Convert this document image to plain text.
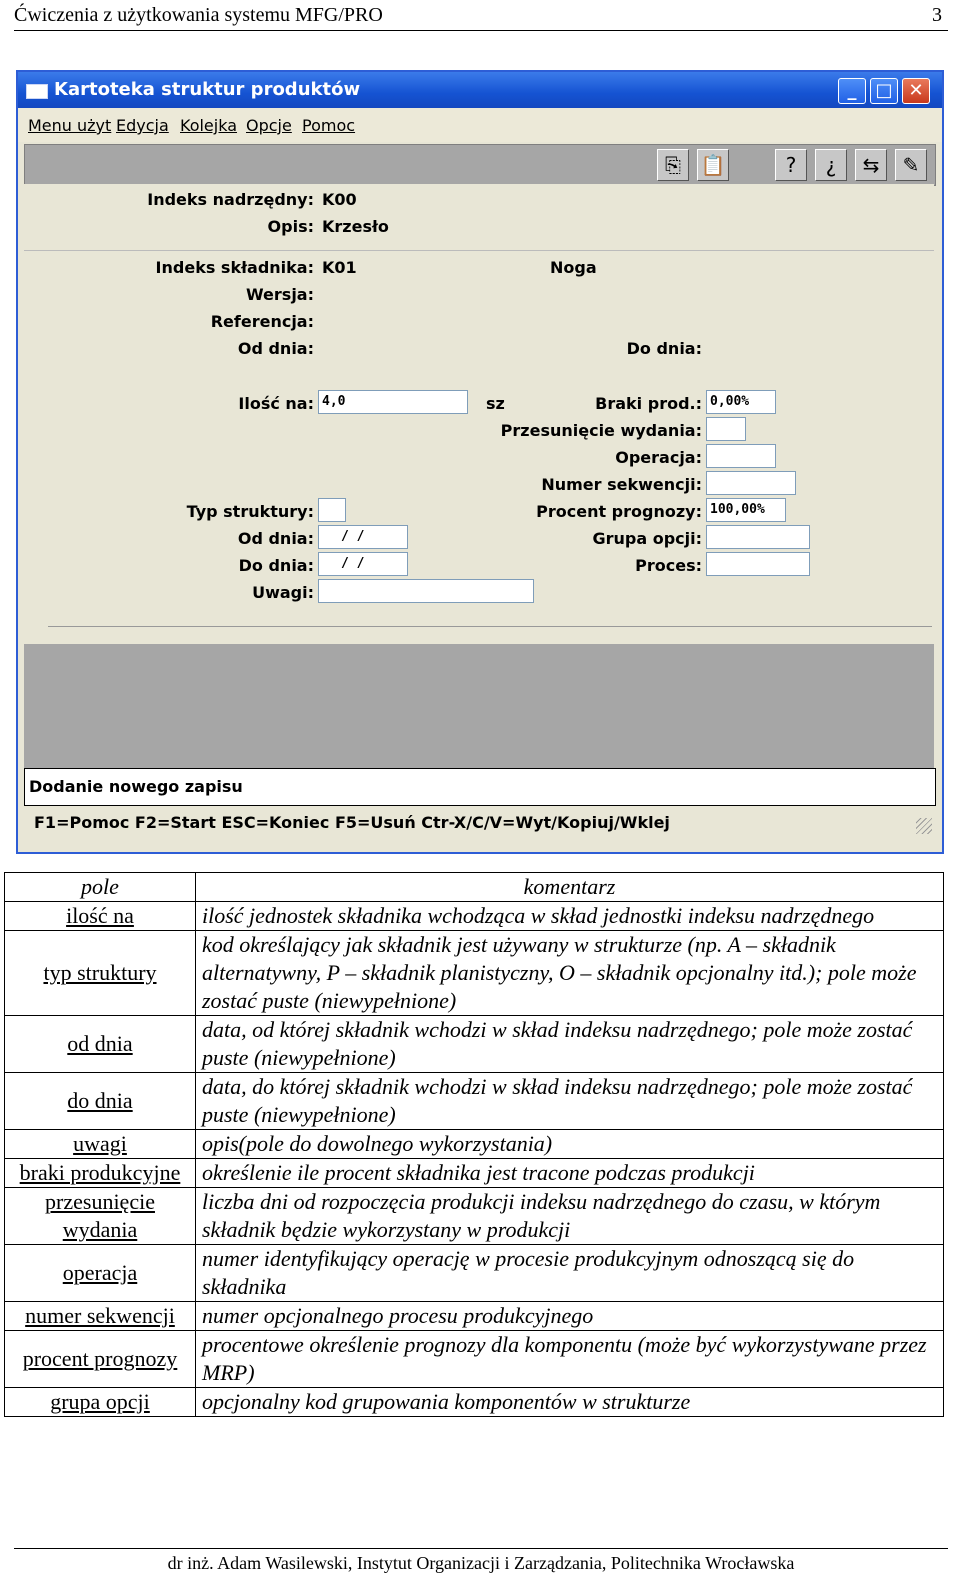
Ćwiczenia z użytkowania systemu MFG/PRO	3
Kartoteka struktur produktów	_	□ ✕
Menu użyt Edycja Kolejka Opcje Pomoc
⎘ 📋	?	¿	⇆	✎
Indeks nadrzędny: K00
Opis: Krzesło
Indeks składnika: K01	Noga
Wersja:
Referencja:
Od dnia:	Do dnia:
Ilość na: 4,0	sz	Braki prod.: 0,00%
Przesunięcie wydania:
Operacja:
Numer sekwencji:
Typ struktury:	Procent prognozy: 100,00%
Od dnia:	/ /	Grupa opcji:
Do dnia:	/ /	Proces:
Uwagi:
Dodanie nowego zapisu
F1=Pomoc F2=Start ESC=Koniec F5=Usuń Ctr-X/C/V=Wyt/Kopiuj/Wklej
pole	komentarz
ilość na	ilość jednostek składnika wchodząca w skład jednostki indeksu nadrzędnego
typ struktury	kod określający jak składnik jest używany w strukturze (np. A – składnik alternatywny, P – składnik planistyczny, O – składnik opcjonalny itd.); pole może zostać puste (niewypełnione)
od dnia	data, od której składnik wchodzi w skład indeksu nadrzędnego; pole może zostać puste (niewypełnione)
do dnia	data, do której składnik wchodzi w skład indeksu nadrzędnego; pole może zostać puste (niewypełnione)
uwagi	opis(pole do dowolnego wykorzystania)
braki produkcyjne	określenie ile procent składnika jest tracone podczas produkcji
przesunięcie wydania	liczba dni od rozpoczęcia produkcji indeksu nadrzędnego do czasu, w którym składnik będzie wykorzystany w produkcji
operacja	numer identyfikujący operację w procesie produkcyjnym odnoszącą się do składnika
numer sekwencji	numer opcjonalnego procesu produkcyjnego
procent prognozy	procentowe określenie prognozy dla komponentu (może być wykorzystywane przez MRP)
grupa opcji	opcjonalny kod grupowania komponentów w strukturze
dr inż. Adam Wasilewski, Instytut Organizacji i Zarządzania, Politechnika Wrocławska
